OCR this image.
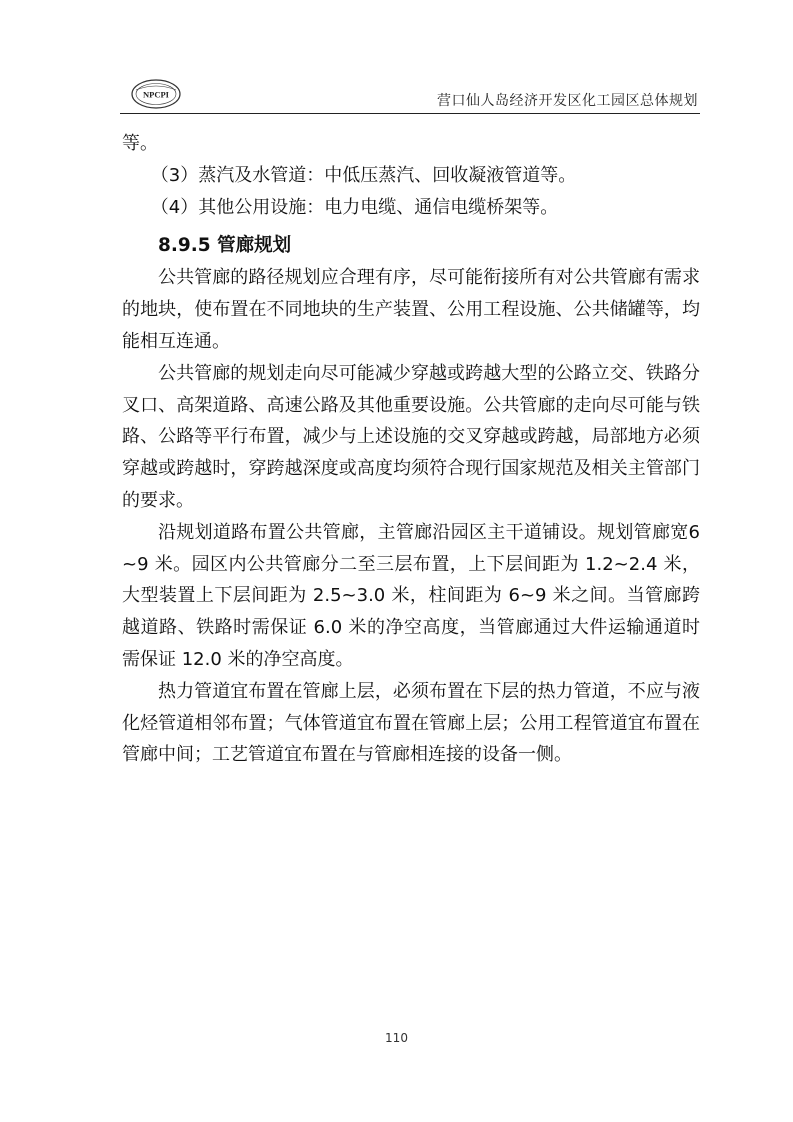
NPCPI	营口仙人岛经济开发区化工园区总体规划

等。

（3）蒸汽及水管道：中低压蒸汽、回收凝液管道等。

（4）其他公用设施：电力电缆、通信电缆桥架等。

8.9.5 管廊规划

公共管廊的路径规划应合理有序，尽可能衔接所有对公共管廊有需求的地块，使布置在不同地块的生产装置、公用工程设施、公共储罐等，均能相互连通。

公共管廊的规划走向尽可能减少穿越或跨越大型的公路立交、铁路分叉口、高架道路、高速公路及其他重要设施。公共管廊的走向尽可能与铁路、公路等平行布置，减少与上述设施的交叉穿越或跨越，局部地方必须穿越或跨越时，穿跨越深度或高度均须符合现行国家规范及相关主管部门的要求。

沿规划道路布置公共管廊，主管廊沿园区主干道铺设。规划管廊宽6~9 米。园区内公共管廊分二至三层布置，上下层间距为 1.2~2.4 米，大型装置上下层间距为 2.5~3.0 米，柱间距为 6~9 米之间。当管廊跨越道路、铁路时需保证 6.0 米的净空高度，当管廊通过大件运输通道时需保证 12.0 米的净空高度。

热力管道宜布置在管廊上层，必须布置在下层的热力管道，不应与液化烃管道相邻布置；气体管道宜布置在管廊上层；公用工程管道宜布置在管廊中间；工艺管道宜布置在与管廊相连接的设备一侧。

110
